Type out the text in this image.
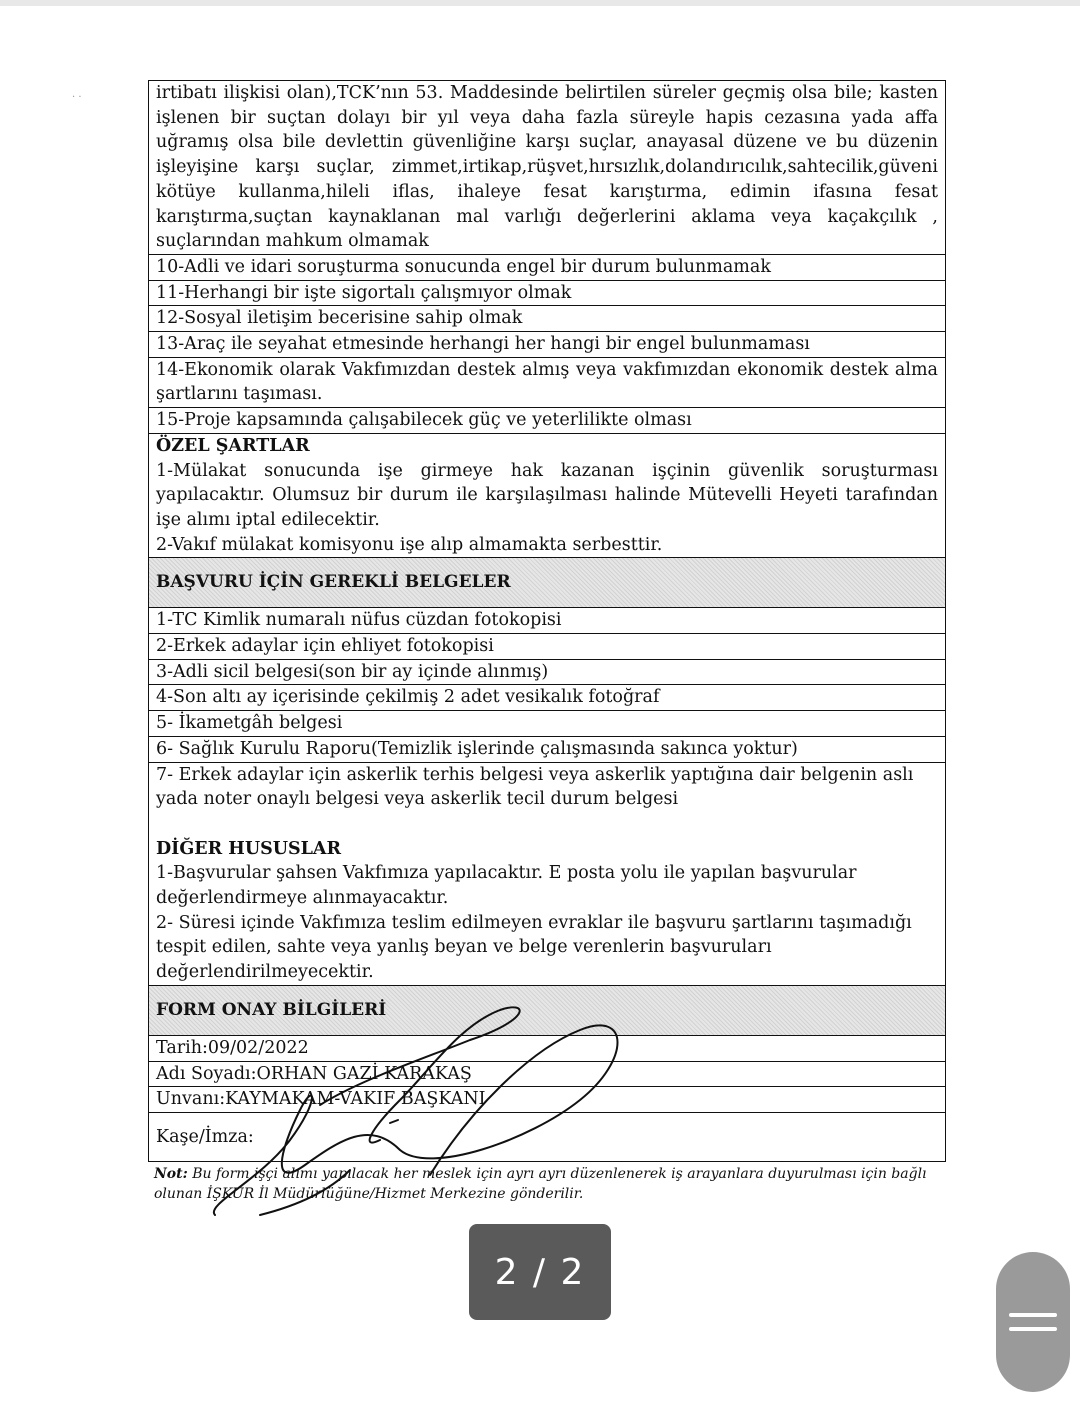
· ·	irtibatı ilişkisi olan),TCK’nın 53. Maddesinde belirtilen süreler geçmiş olsa bile; kasten işlenen bir suçtan dolayı bir yıl veya daha fazla süreyle hapis cezasına yada affa uğramış olsa bile devlettin güvenliğine karşı suçlar, anayasal düzene ve bu düzenin işleyişine karşı suçlar, zimmet,irtikap,rüşvet,hırsızlık,dolandırıcılık,sahtecilik,güveni kötüye kullanma,hileli iflas, ihaleye fesat karıştırma, edimin ifasına fesat karıştırma,suçtan kaynaklanan mal varlığı değerlerini aklama veya kaçakçılık , suçlarından mahkum olmamak
10-Adli ve idari soruşturma sonucunda engel bir durum bulunmamak
11-Herhangi bir işte sigortalı çalışmıyor olmak
12-Sosyal iletişim becerisine sahip olmak
13-Araç ile seyahat etmesinde herhangi her hangi bir engel bulunmaması
14-Ekonomik olarak Vakfımızdan destek almış veya vakfımızdan ekonomik destek alma şartlarını taşıması.
15-Proje kapsamında çalışabilecek güç ve yeterlilikte olması
ÖZEL ŞARTLAR
1-Mülakat sonucunda işe girmeye hak kazanan işçinin güvenlik soruşturması yapılacaktır. Olumsuz bir durum ile karşılaşılması halinde Mütevelli Heyeti tarafından işe alımı iptal edilecektir.
2-Vakıf mülakat komisyonu işe alıp almamakta serbesttir.
BAŞVURU İÇİN GEREKLİ BELGELER
1-TC Kimlik numaralı nüfus cüzdan fotokopisi
2-Erkek adaylar için ehliyet fotokopisi
3-Adli sicil belgesi(son bir ay içinde alınmış)
4-Son altı ay içerisinde çekilmiş 2 adet vesikalık fotoğraf
5- İkametgâh belgesi
6- Sağlık Kurulu Raporu(Temizlik işlerinde çalışmasında sakınca yoktur)
7- Erkek adaylar için askerlik terhis belgesi veya askerlik yaptığına dair belgenin aslı yada noter onaylı belgesi veya askerlik tecil durum belgesi
DİĞER HUSUSLAR
1-Başvurular şahsen Vakfımıza yapılacaktır. E posta yolu ile yapılan başvurular değerlendirmeye alınmayacaktır.
2- Süresi içinde Vakfımıza teslim edilmeyen evraklar ile başvuru şartlarını taşımadığı tespit edilen, sahte veya yanlış beyan ve belge verenlerin başvuruları değerlendirilmeyecektir.
FORM ONAY BİLGİLERİ
Tarih:09/02/2022
Adı Soyadı:ORHAN GAZİ KARAKAŞ
Unvanı:KAYMAKAM-VAKIF BAŞKANI
Kaşe/İmza:
Not: Bu form işçi alımı yapılacak her meslek için ayrı ayrı düzenlenerek iş arayanlara duyurulması için bağlı olunan İŞKUR İl Müdürlüğüne/Hizmet Merkezine gönderilir.
2 / 2
